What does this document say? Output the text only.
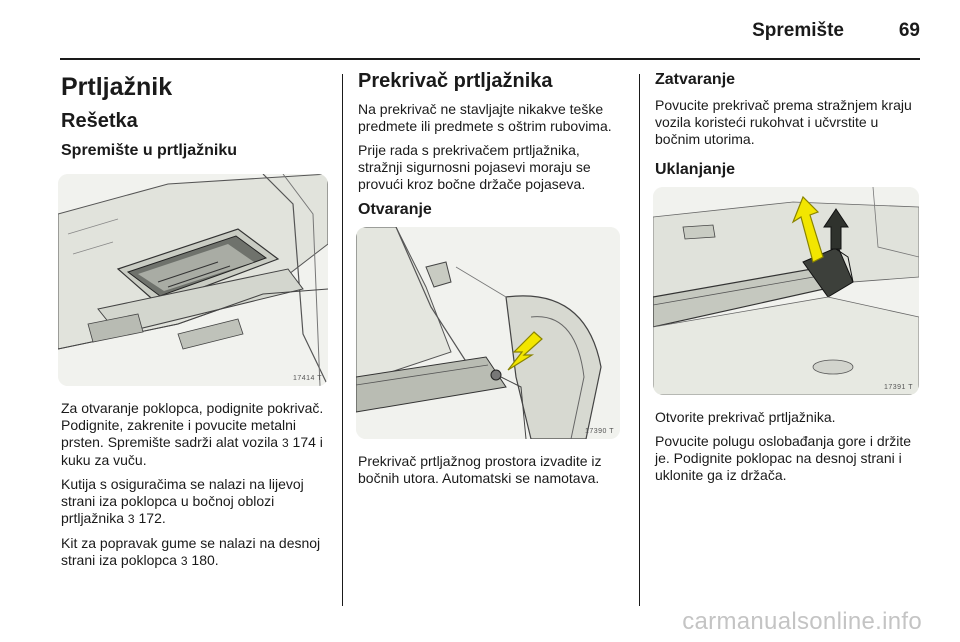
Spremište	69
Prtljažnik
Rešetka
Spremište u prtljažniku
17414 T

Za otvaranje poklopca, podignite pokrivač. Podignite, zakrenite i povucite metalni prsten. Spremište sadrži alat vozila 3 174 i kuku za vuču.

Kutija s osiguračima se nalazi na lijevoj strani iza poklopca u bočnoj oblozi prtljažnika 3 172.

Kit za popravak gume se nalazi na desnoj strani iza poklopca 3 180.

Prekrivač prtljažnika

Na prekrivač ne stavljajte nikakve teške predmete ili predmete s oštrim rubovima.

Prije rada s prekrivačem prtljažnika, stražnji sigurnosni pojasevi moraju se provući kroz bočne držače pojaseva.

Otvaranje
17390 T

Prekrivač prtljažnog prostora izvadite iz bočnih utora. Automatski se namotava.

Zatvaranje

Povucite prekrivač prema stražnjem kraju vozila koristeći rukohvat i učvrstite u bočnim utorima.

Uklanjanje
17391 T

Otvorite prekrivač prtljažnika.

Povucite polugu oslobađanja gore i držite je. Podignite poklopac na desnoj strani i uklonite ga iz držača.

carmanualsonline.info
